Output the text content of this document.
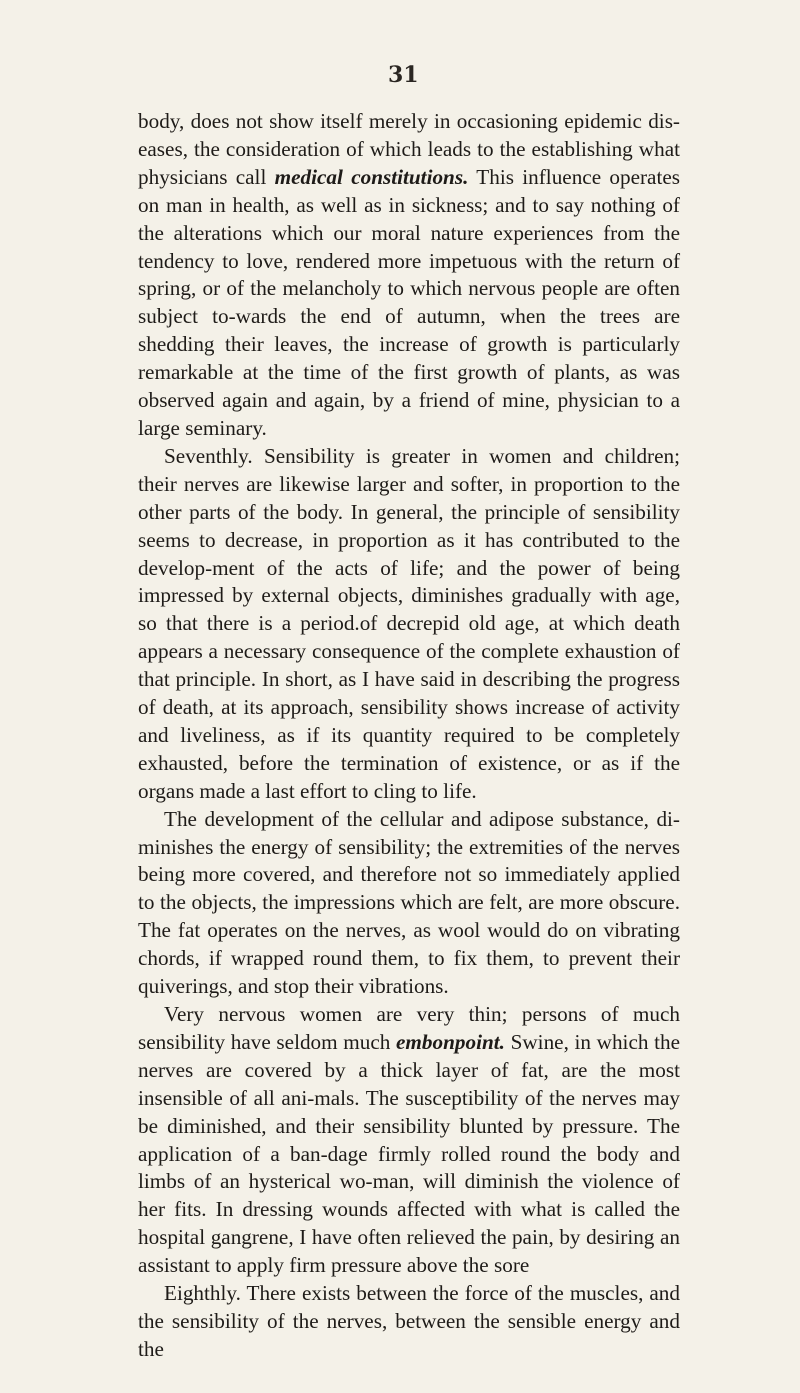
31

body, does not show itself merely in occasioning epidemic dis-eases, the consideration of which leads to the establishing what physicians call medical constitutions. This influence operates on man in health, as well as in sickness; and to say nothing of the alterations which our moral nature experiences from the tendency to love, rendered more impetuous with the return of spring, or of the melancholy to which nervous people are often subject to-wards the end of autumn, when the trees are shedding their leaves, the increase of growth is particularly remarkable at the time of the first growth of plants, as was observed again and again, by a friend of mine, physician to a large seminary.

Seventhly. Sensibility is greater in women and children; their nerves are likewise larger and softer, in proportion to the other parts of the body. In general, the principle of sensibility seems to decrease, in proportion as it has contributed to the develop-ment of the acts of life; and the power of being impressed by external objects, diminishes gradually with age, so that there is a period.of decrepid old age, at which death appears a necessary consequence of the complete exhaustion of that principle. In short, as I have said in describing the progress of death, at its approach, sensibility shows increase of activity and liveliness, as if its quantity required to be completely exhausted, before the termination of existence, or as if the organs made a last effort to cling to life.

The development of the cellular and adipose substance, di-minishes the energy of sensibility; the extremities of the nerves being more covered, and therefore not so immediately applied to the objects, the impressions which are felt, are more obscure. The fat operates on the nerves, as wool would do on vibrating chords, if wrapped round them, to fix them, to prevent their quiverings, and stop their vibrations.

Very nervous women are very thin; persons of much sensibility have seldom much embonpoint. Swine, in which the nerves are covered by a thick layer of fat, are the most insensible of all ani-mals. The susceptibility of the nerves may be diminished, and their sensibility blunted by pressure. The application of a ban-dage firmly rolled round the body and limbs of an hysterical wo-man, will diminish the violence of her fits. In dressing wounds affected with what is called the hospital gangrene, I have often relieved the pain, by desiring an assistant to apply firm pressure above the sore

Eighthly. There exists between the force of the muscles, and the sensibility of the nerves, between the sensible energy and the
